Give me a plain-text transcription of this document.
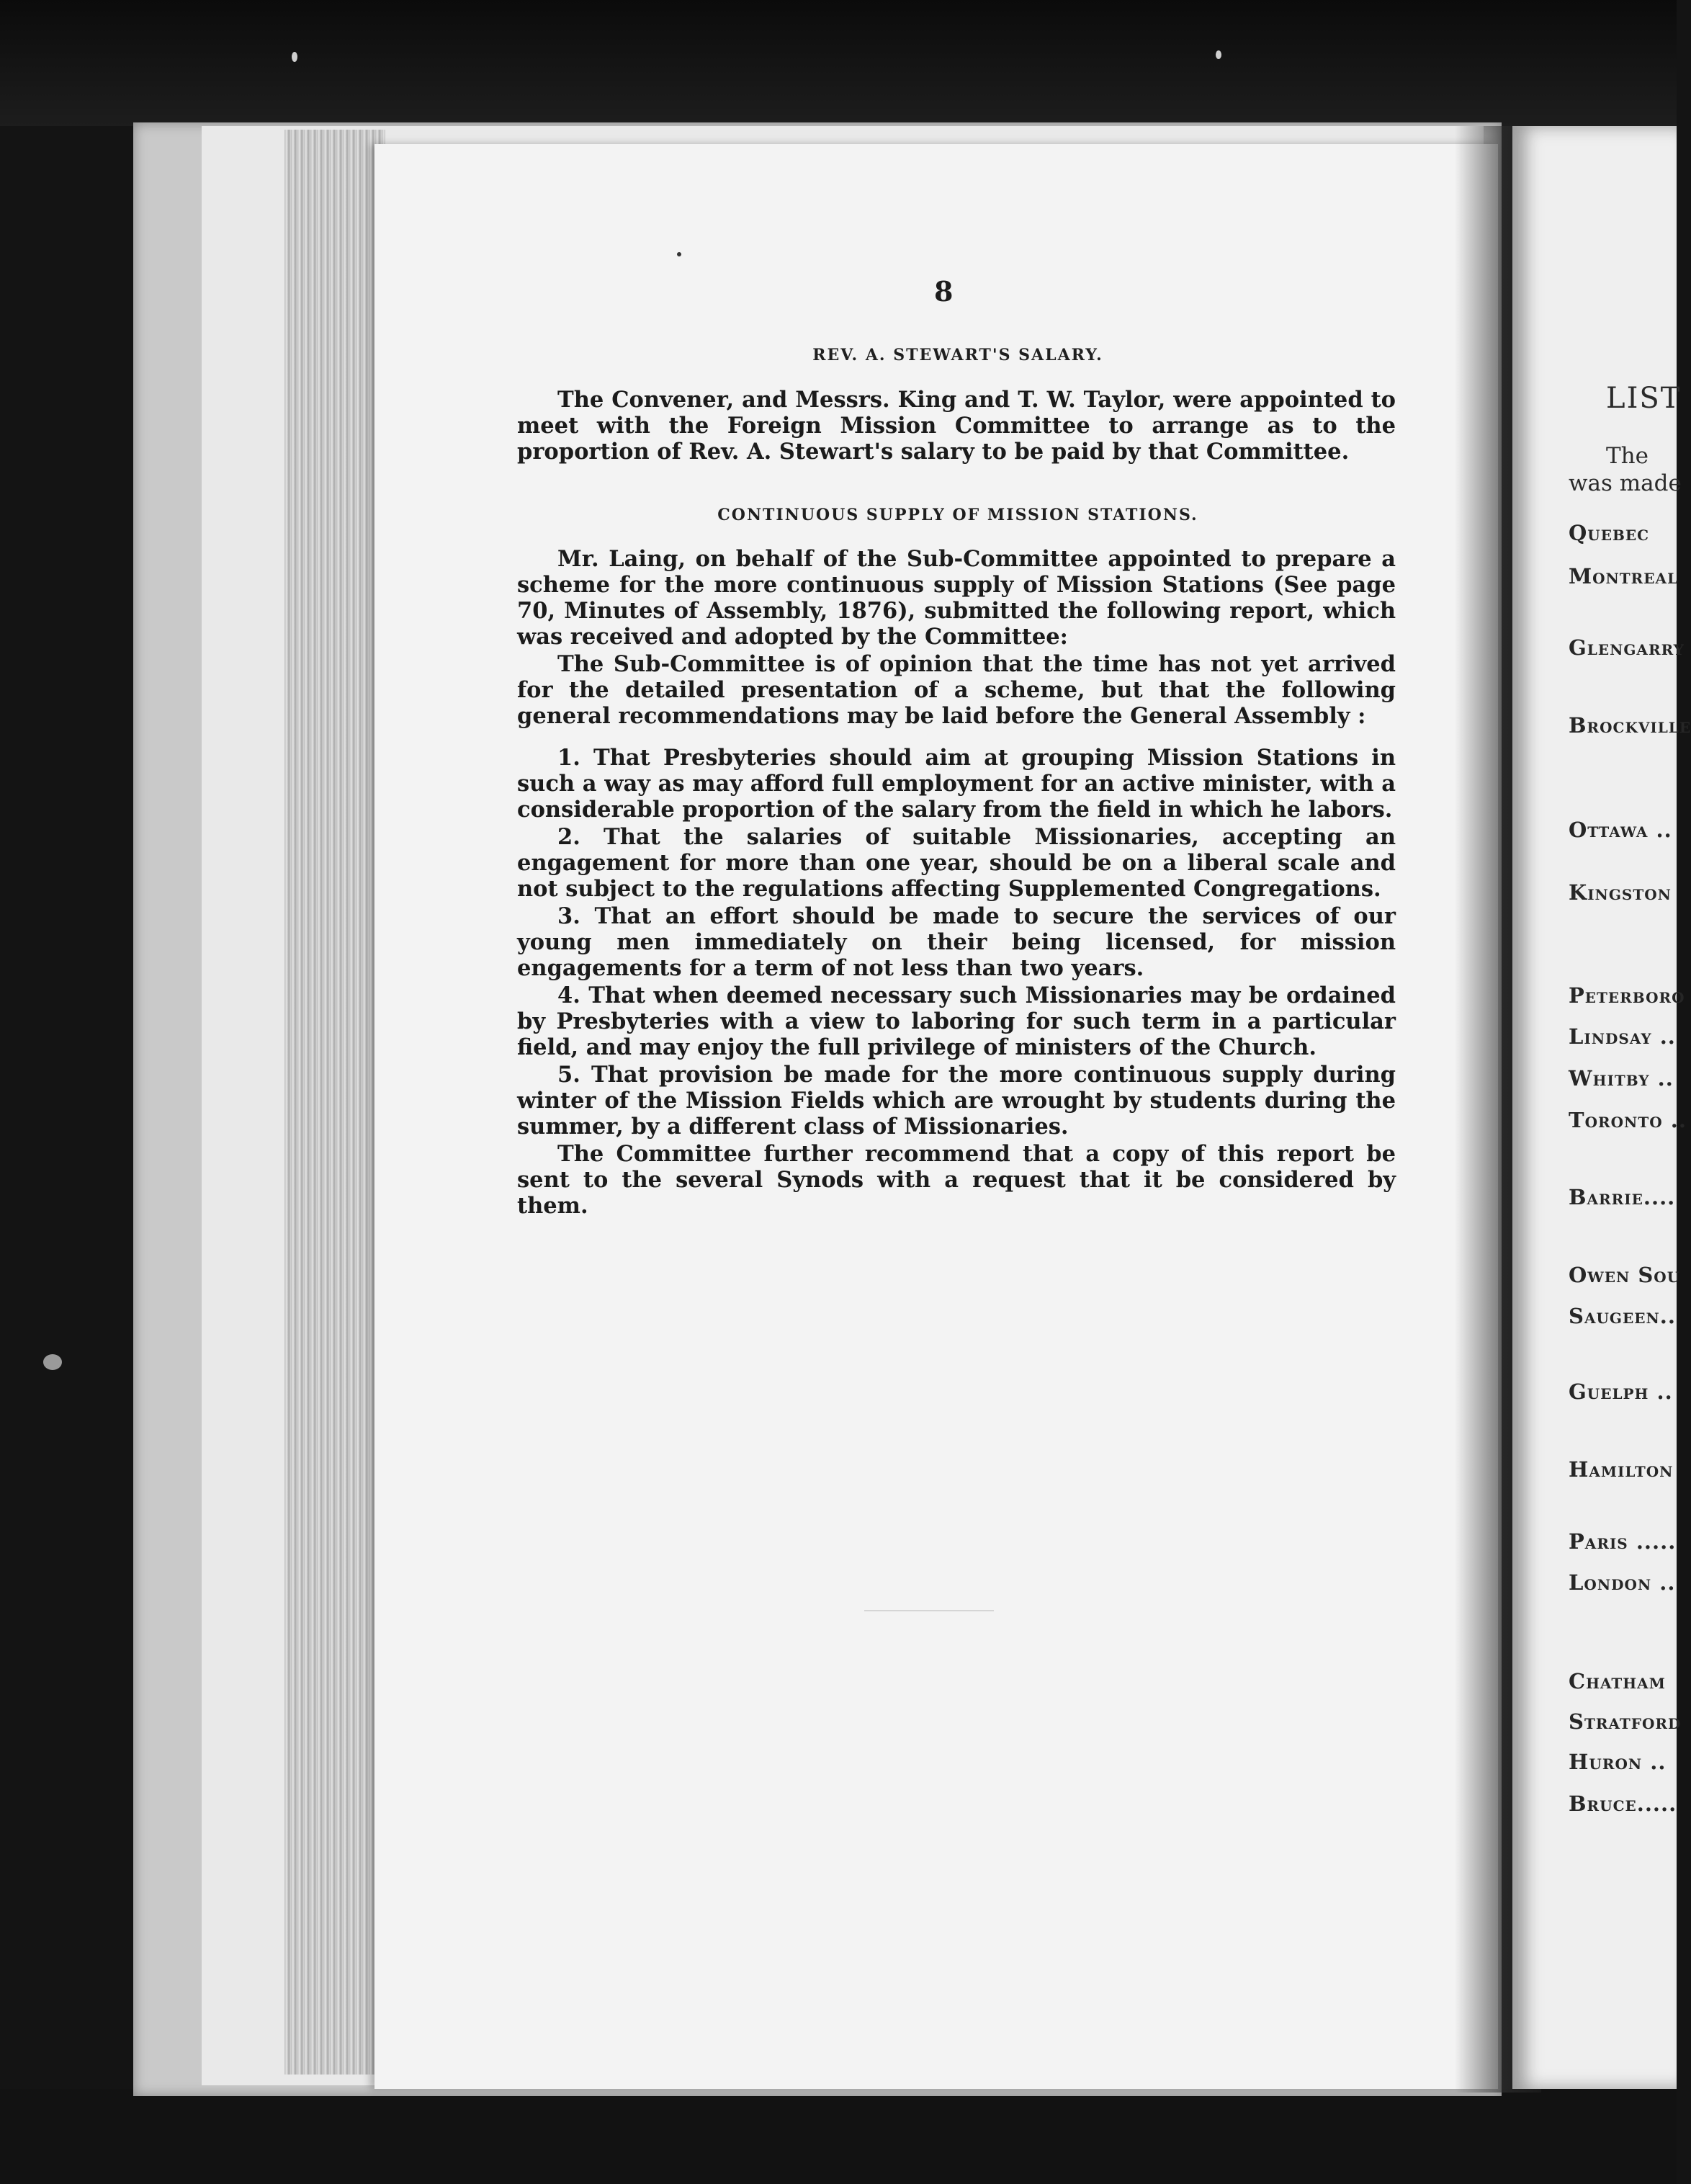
8
REV. A. STEWART'S SALARY.

The Convener, and Messrs. King and T. W. Taylor, were appointed to meet with the Foreign Mission Committee to arrange as to the proportion of Rev. A. Stewart's salary to be paid by that Committee.

CONTINUOUS SUPPLY OF MISSION STATIONS.

Mr. Laing, on behalf of the Sub-Committee appointed to prepare a scheme for the more continuous supply of Mission Stations (See page 70, Minutes of Assembly, 1876), submitted the following report, which was received and adopted by the Committee:

The Sub-Committee is of opinion that the time has not yet arrived for the detailed presentation of a scheme, but that the following general recommendations may be laid before the General Assembly :

1. That Presbyteries should aim at grouping Mission Stations in such a way as may afford full employment for an active minister, with a considerable proportion of the salary from the field in which he labors.

2. That the salaries of suitable Missionaries, accepting an engagement for more than one year, should be on a liberal scale and not subject to the regulations affecting Supplemented Congregations.

3. That an effort should be made to secure the services of our young men immediately on their being licensed, for mission engagements for a term of not less than two years.

4. That when deemed necessary such Missionaries may be ordained by Presbyteries with a view to laboring for such term in a particular field, and may enjoy the full privilege of ministers of the Church.

5. That provision be made for the more continuous supply during winter of the Mission Fields which are wrought by students during the summer, by a different class of Missionaries.

The Committee further recommend that a copy of this report be sent to the several Synods with a request that it be considered by them.

LIST
The
was made
Quebec
Montreal
Glengarry
Brockville
Ottawa ..
Kingston
Peterboro
Lindsay ..
Whitby ..
Toronto ..
Barrie....
Owen Sou
Saugeen..
Guelph ..
Hamilton
Paris .....
London ..
Chatham
Stratford
Huron ..
Bruce.....
